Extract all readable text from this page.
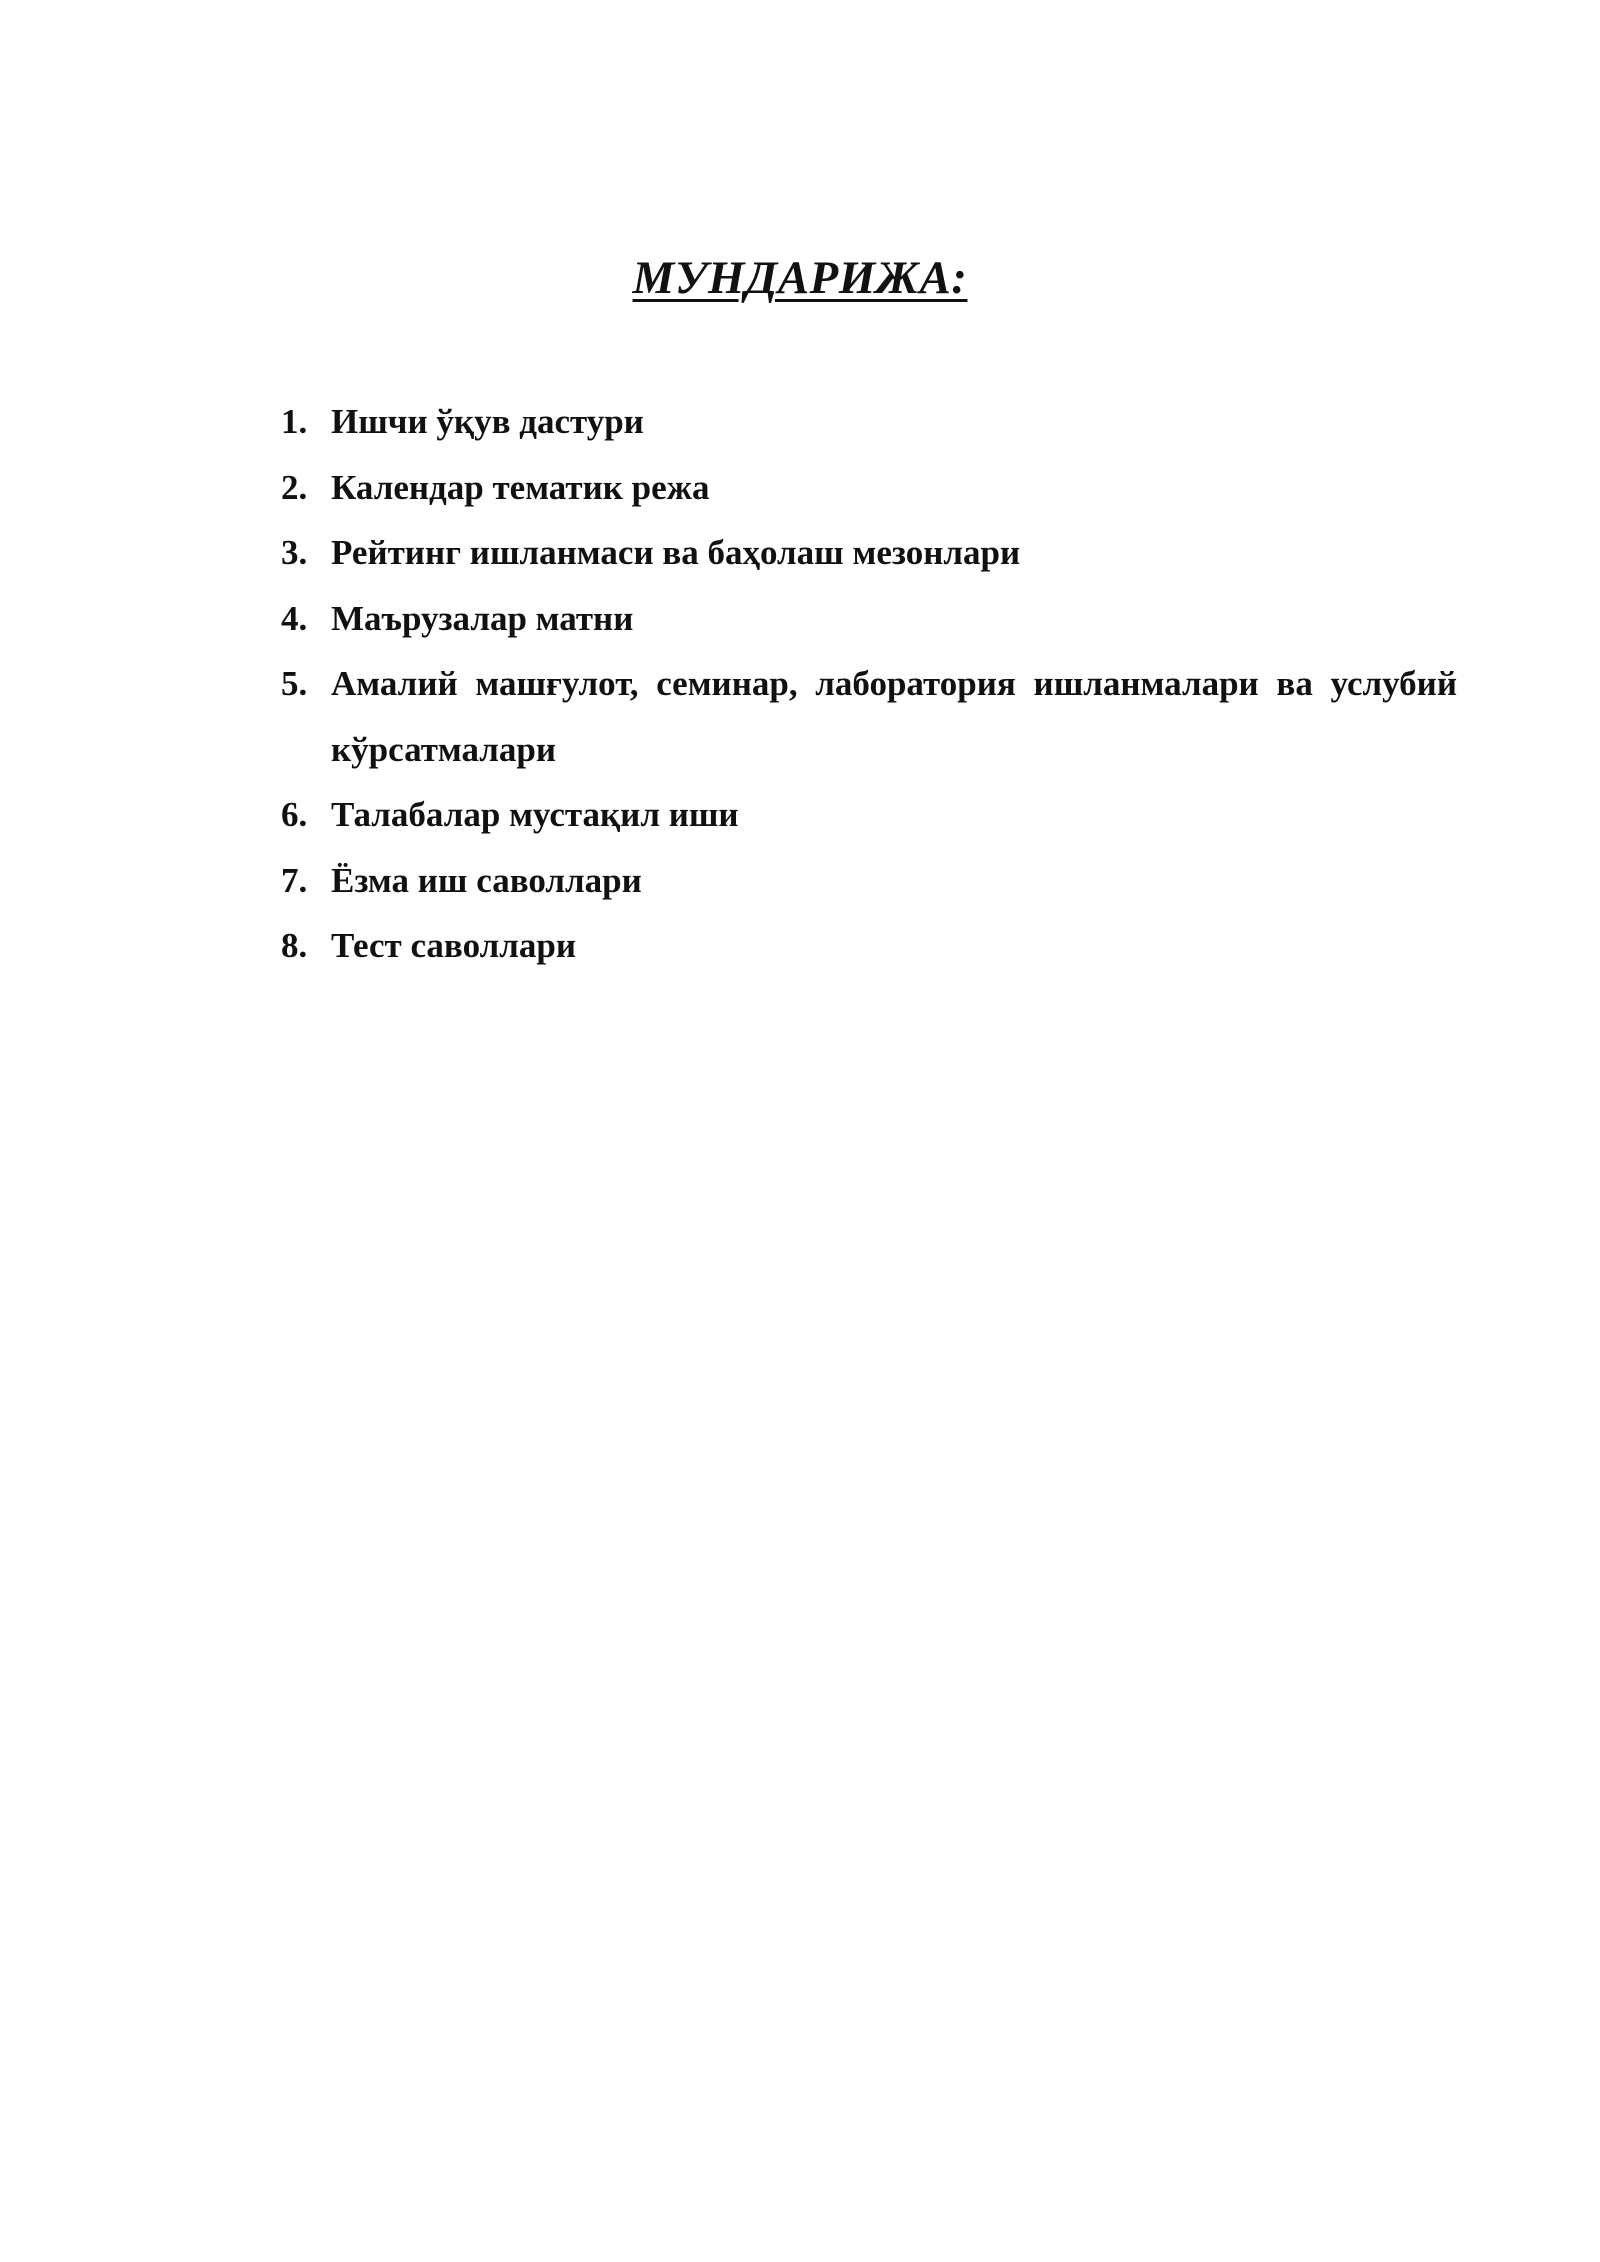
МУНДАРИЖА:
1. Ишчи ўқув дастури
2. Календар тематик режа
3. Рейтинг ишланмаси ва баҳолаш мезонлари
4. Маърузалар матни
5. Амалий машғулот, семинар, лаборатория ишланмалари ва услубий кўрсатмалари
6. Талабалар мустақил иши
7. Ёзма иш саволлари
8. Тест саволлари
